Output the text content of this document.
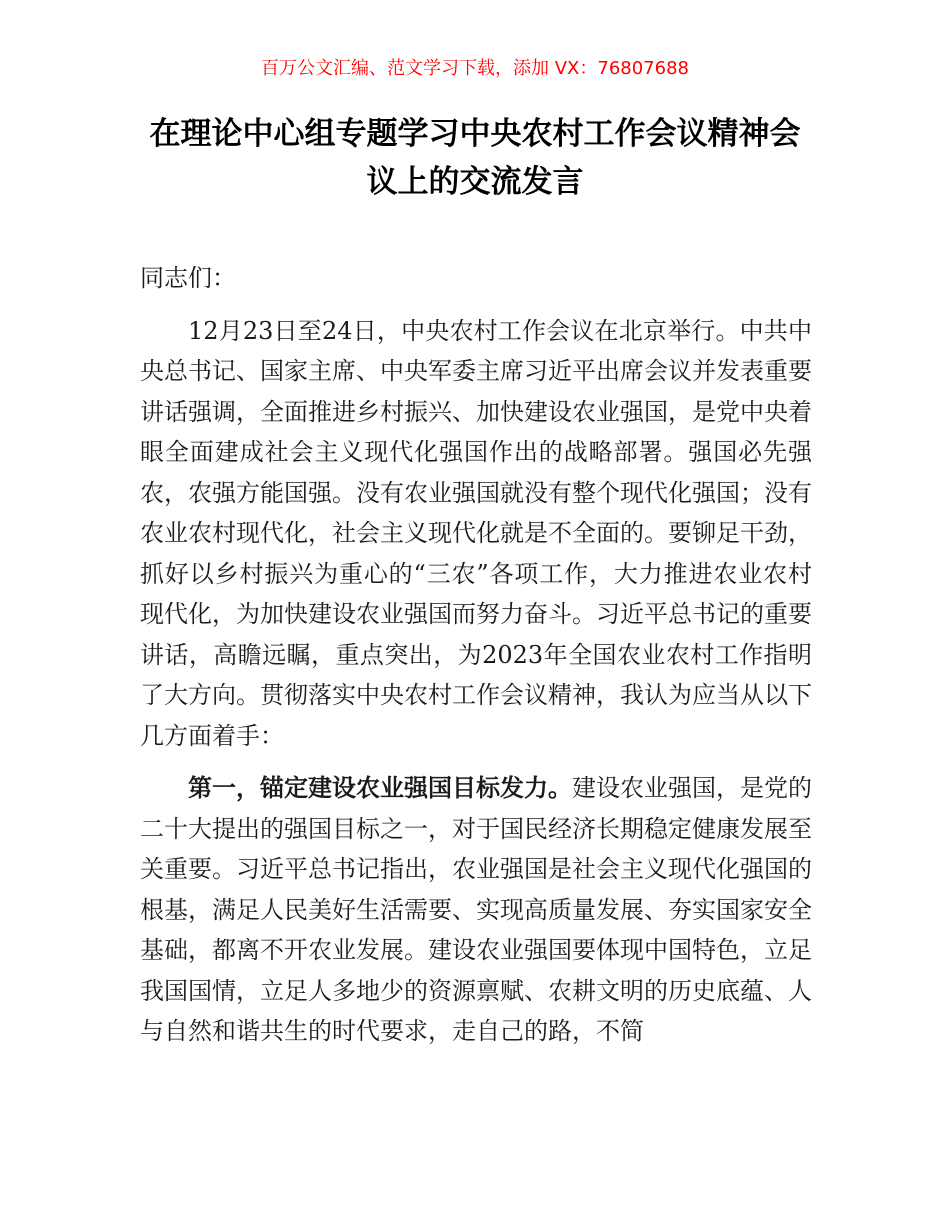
百万公文汇编、范文学习下载，添加 VX：76807688
在理论中心组专题学习中央农村工作会议精神会议上的交流发言

同志们：

12月23日至24日，中央农村工作会议在北京举行。中共中央总书记、国家主席、中央军委主席习近平出席会议并发表重要讲话强调，全面推进乡村振兴、加快建设农业强国，是党中央着眼全面建成社会主义现代化强国作出的战略部署。强国必先强农，农强方能国强。没有农业强国就没有整个现代化强国；没有农业农村现代化，社会主义现代化就是不全面的。要铆足干劲，抓好以乡村振兴为重心的“三农”各项工作，大力推进农业农村现代化，为加快建设农业强国而努力奋斗。习近平总书记的重要讲话，高瞻远瞩，重点突出，为2023年全国农业农村工作指明了大方向。贯彻落实中央农村工作会议精神，我认为应当从以下几方面着手：

第一，锚定建设农业强国目标发力。建设农业强国，是党的二十大提出的强国目标之一，对于国民经济长期稳定健康发展至关重要。习近平总书记指出，农业强国是社会主义现代化强国的根基，满足人民美好生活需要、实现高质量发展、夯实国家安全基础，都离不开农业发展。建设农业强国要体现中国特色，立足我国国情，立足人多地少的资源禀赋、农耕文明的历史底蕴、人与自然和谐共生的时代要求，走自己的路，不简
